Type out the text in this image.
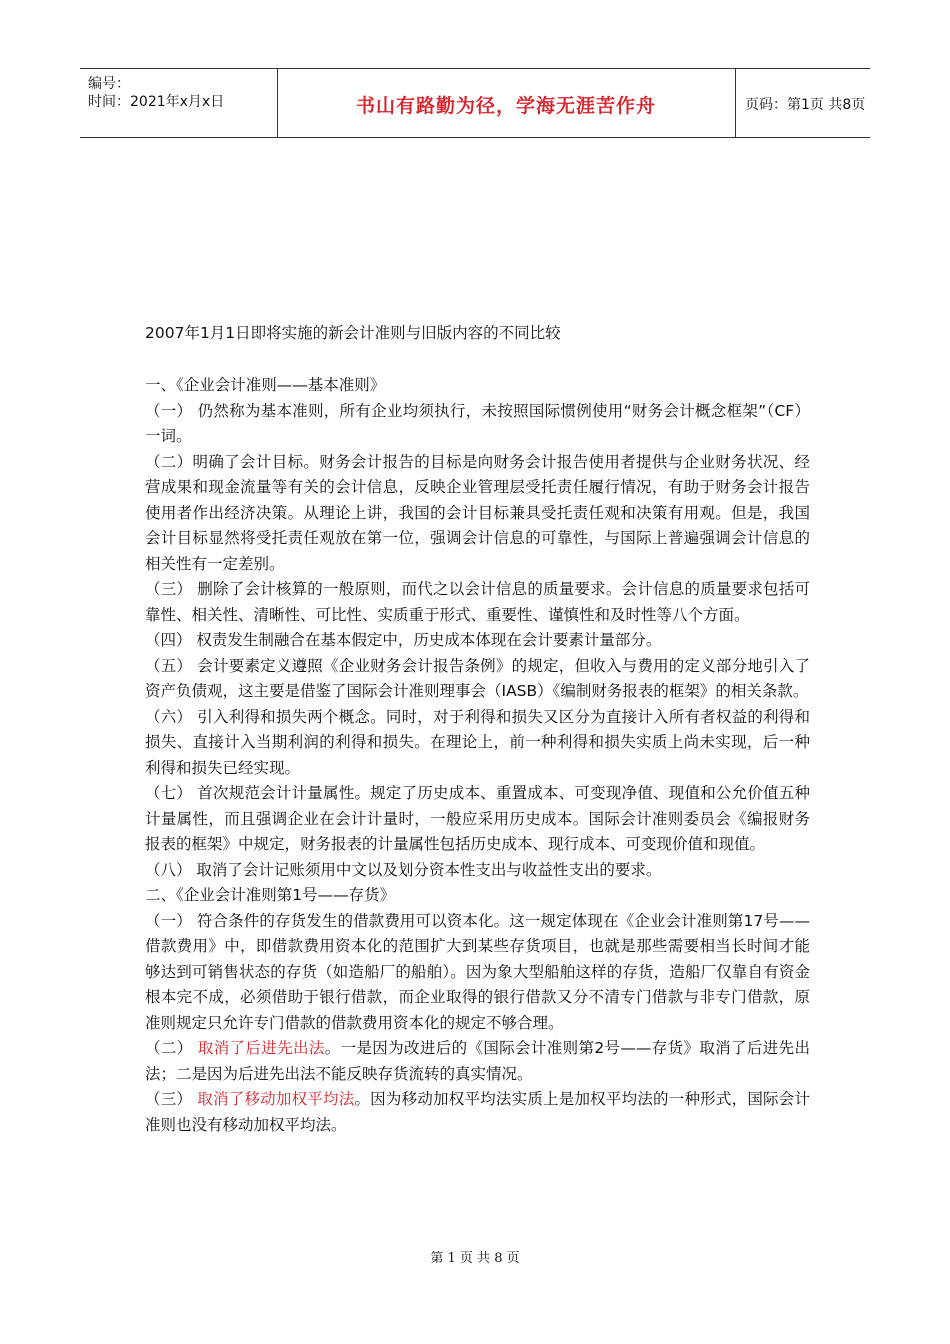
编号：
时间：2021年x月x日	书山有路勤为径，学海无涯苦作舟	页码：第1页 共8页
2007年1月1日即将实施的新会计准则与旧版内容的不同比较
一、《企业会计准则——基本准则》
（一） 仍然称为基本准则，所有企业均须执行，未按照国际惯例使用“财务会计概念框架”（CF）一词。
（二）明确了会计目标。财务会计报告的目标是向财务会计报告使用者提供与企业财务状况、经营成果和现金流量等有关的会计信息，反映企业管理层受托责任履行情况，有助于财务会计报告使用者作出经济决策。从理论上讲，我国的会计目标兼具受托责任观和决策有用观。但是，我国会计目标显然将受托责任观放在第一位，强调会计信息的可靠性，与国际上普遍强调会计信息的相关性有一定差别。
（三） 删除了会计核算的一般原则，而代之以会计信息的质量要求。会计信息的质量要求包括可靠性、相关性、清晰性、可比性、实质重于形式、重要性、谨慎性和及时性等八个方面。
（四） 权责发生制融合在基本假定中，历史成本体现在会计要素计量部分。
（五） 会计要素定义遵照《企业财务会计报告条例》的规定，但收入与费用的定义部分地引入了资产负债观，这主要是借鉴了国际会计准则理事会（IASB）《编制财务报表的框架》的相关条款。
（六） 引入利得和损失两个概念。同时，对于利得和损失又区分为直接计入所有者权益的利得和损失、直接计入当期利润的利得和损失。在理论上，前一种利得和损失实质上尚未实现，后一种利得和损失已经实现。
（七） 首次规范会计计量属性。规定了历史成本、重置成本、可变现净值、现值和公允价值五种计量属性，而且强调企业在会计计量时，一般应采用历史成本。国际会计准则委员会《编报财务报表的框架》中规定，财务报表的计量属性包括历史成本、现行成本、可变现价值和现值。
（八） 取消了会计记账须用中文以及划分资本性支出与收益性支出的要求。
二、《企业会计准则第1号——存货》
（一） 符合条件的存货发生的借款费用可以资本化。这一规定体现在《企业会计准则第17号——借款费用》中，即借款费用资本化的范围扩大到某些存货项目，也就是那些需要相当长时间才能够达到可销售状态的存货（如造船厂的船舶）。因为象大型船舶这样的存货，造船厂仅靠自有资金根本完不成，必须借助于银行借款，而企业取得的银行借款又分不清专门借款与非专门借款，原准则规定只允许专门借款的借款费用资本化的规定不够合理。
（二） 取消了后进先出法。一是因为改进后的《国际会计准则第2号——存货》取消了后进先出法；二是因为后进先出法不能反映存货流转的真实情况。
（三） 取消了移动加权平均法。因为移动加权平均法实质上是加权平均法的一种形式，国际会计准则也没有移动加权平均法。
第 1 页 共 8 页
